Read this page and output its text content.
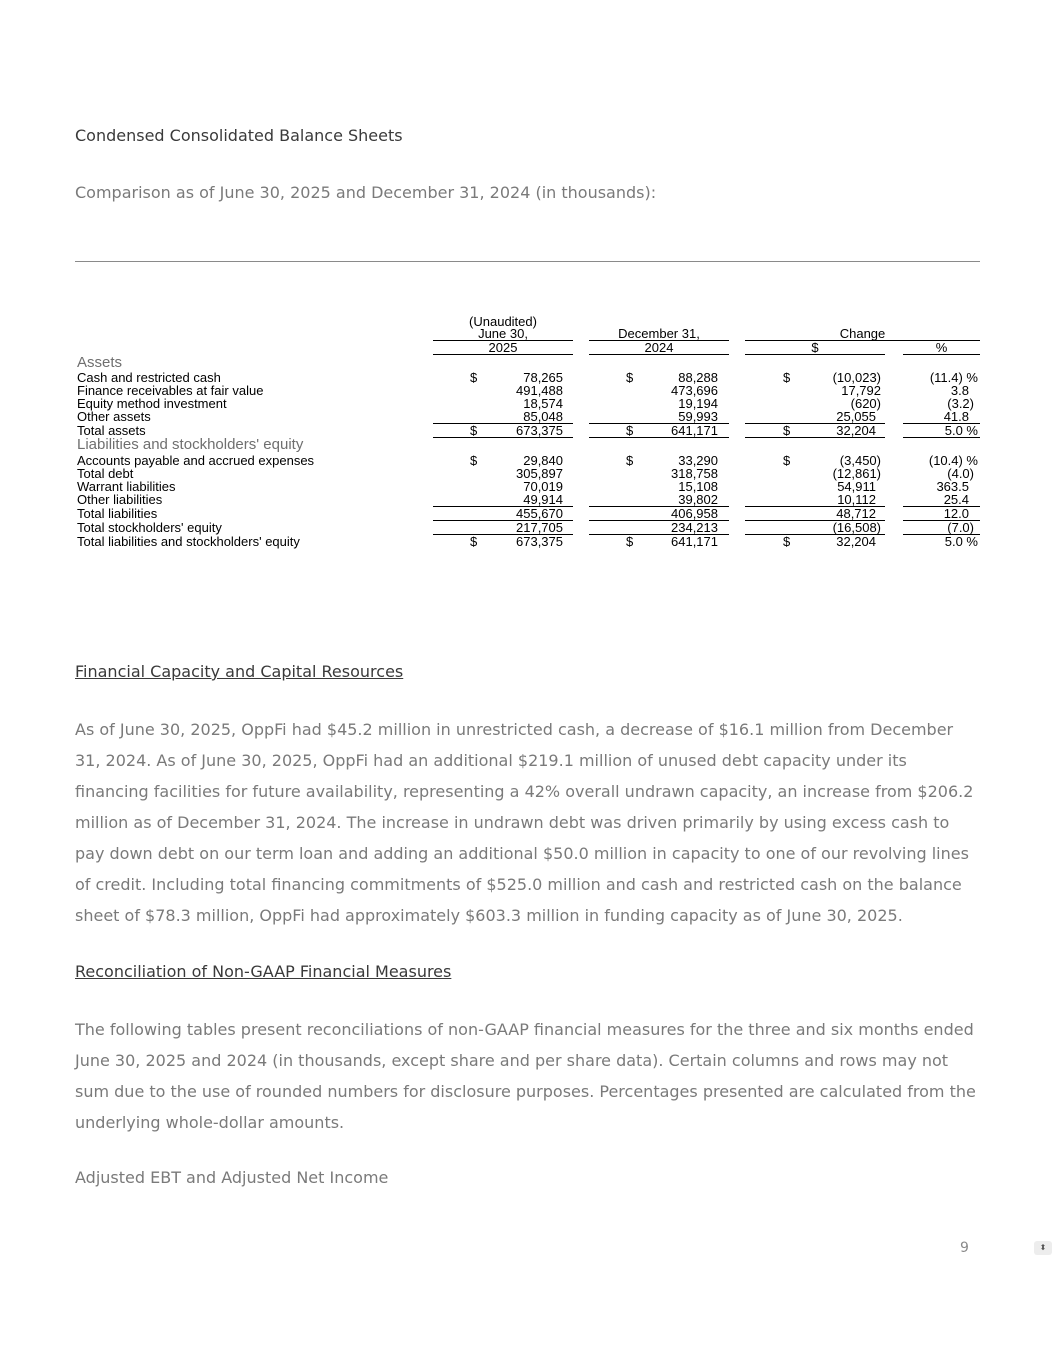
Condensed Consolidated Balance Sheets
Comparison as of June 30, 2025 and December 31, 2024 (in thousands):
(Unaudited)
June 30,
2025
December 31,
2024
Change
$	%
Assets
Liabilities and stockholders' equity
Cash and restricted cash	$	78,265	$	88,288	$	(10,023)	(11.4) %
Finance receivables at fair value	491,488	473,696	17,792	3.8
Equity method investment	18,574	19,194	(620)	(3.2)
Other assets	85,048	59,993	25,055	41.8
Total assets	$	673,375	$	641,171	$	32,204	5.0 %
Accounts payable and accrued expenses	$	29,840	$	33,290	$	(3,450)	(10.4) %
Total debt	305,897	318,758	(12,861)	(4.0)
Warrant liabilities	70,019	15,108	54,911	363.5
Other liabilities	49,914	39,802	10,112	25.4
Total liabilities	455,670	406,958	48,712	12.0
Total stockholders' equity	217,705	234,213	(16,508)	(7.0)
Total liabilities and stockholders' equity	$	673,375	$	641,171	$	32,204	5.0 %
Financial Capacity and Capital Resources

As of June 30, 2025, OppFi had $45.2 million in unrestricted cash, a decrease of $16.1 million from December 31, 2024. As of June 30, 2025, OppFi had an additional $219.1 million of unused debt capacity under its financing facilities for future availability, representing a 42% overall undrawn capacity, an increase from $206.2 million as of December 31, 2024. The increase in undrawn debt was driven primarily by using excess cash to pay down debt on our term loan and adding an additional $50.0 million in capacity to one of our revolving lines of credit. Including total financing commitments of $525.0 million and cash and restricted cash on the balance sheet of $78.3 million, OppFi had approximately $603.3 million in funding capacity as of June 30, 2025.

Reconciliation of Non-GAAP Financial Measures

The following tables present reconciliations of non-GAAP financial measures for the three and six months ended June 30, 2025 and 2024 (in thousands, except share and per share data). Certain columns and rows may not sum due to the use of rounded numbers for disclosure purposes. Percentages presented are calculated from the underlying whole-dollar amounts.

Adjusted EBT and Adjusted Net Income
9	⬍
